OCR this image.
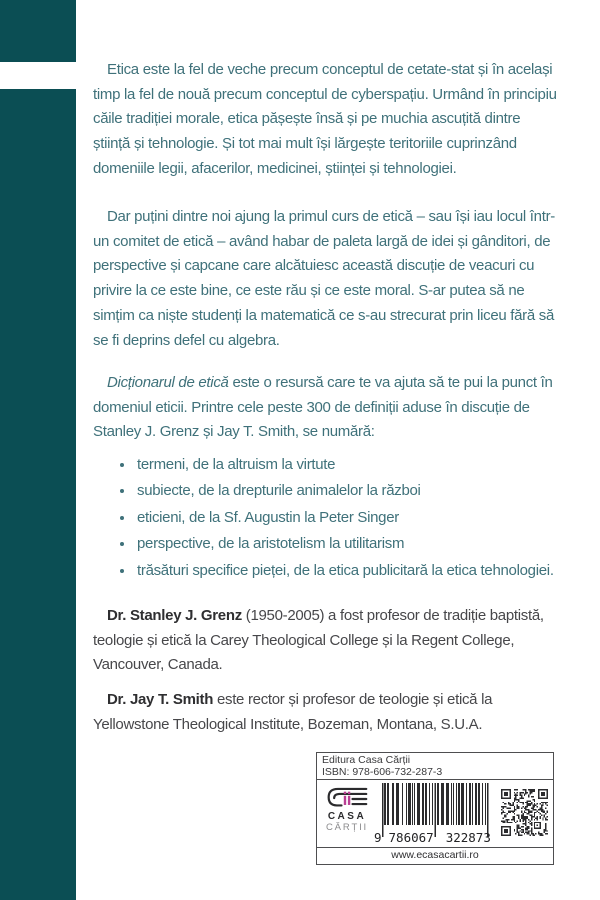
Etica este la fel de veche precum conceptul de cetate-stat și în același timp la fel de nouă precum conceptul de cyberspațiu. Urmând în principiu căile tradiției morale, etica pășește însă și pe muchia ascuțită dintre știință și tehnologie. Și tot mai mult își lărgește teritoriile cuprinzând domeniile legii, afacerilor, medicinei, științei și tehnologiei.

Dar puțini dintre noi ajung la primul curs de etică – sau își iau locul într-un comitet de etică – având habar de paleta largă de idei și gânditori, de perspective și capcane care alcătuiesc această discuție de veacuri cu privire la ce este bine, ce este rău și ce este moral. S-ar putea să ne simțim ca niște studenți la matematică ce s-au strecurat prin liceu fără să se fi deprins defel cu algebra.

Dicționarul de etică este o resursă care te va ajuta să te pui la punct în domeniul eticii. Printre cele peste 300 de definiții aduse în discuție de Stanley J. Grenz și Jay T. Smith, se numără:

termeni, de la altruism la virtute
subiecte, de la drepturile animalelor la război
eticieni, de la Sf. Augustin la Peter Singer
perspective, de la aristotelism la utilitarism
trăsături specifice pieței, de la etica publicitară la etica tehnologiei.

Dr. Stanley J. Grenz (1950-2005) a fost profesor de tradiție baptistă, teologie și etică la Carey Theological College și la Regent College, Vancouver, Canada.

Dr. Jay T. Smith este rector și profesor de teologie și etică la Yellowstone Theological Institute, Bozeman, Montana, S.U.A.

Editura Casa Cărții
ISBN: 978-606-732-287-3
CASA
CĂRȚII
9 786067 322873
www.ecasacartii.ro
